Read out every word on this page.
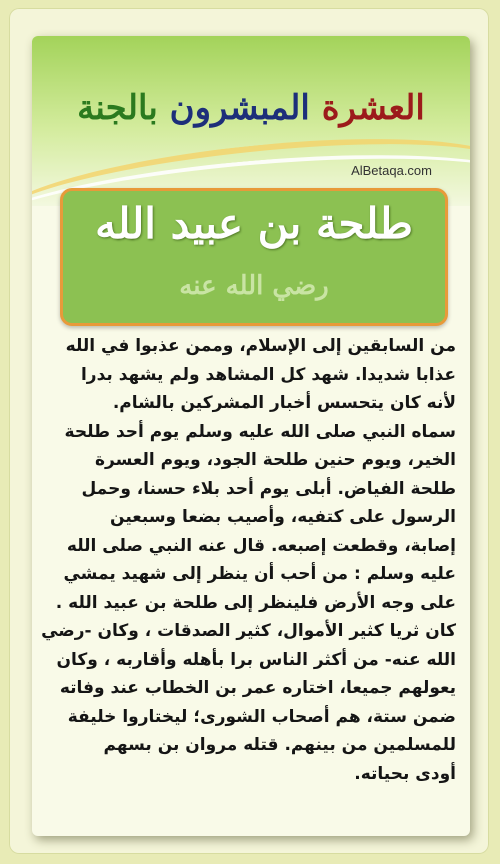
العشرة المبشرون بالجنة
AlBetaqa.com
طلحة بن عبيد الله
رضي الله عنه
من السابقين إلى الإسلام، وممن عذبوا في الله
عذابا شديدا. شهد كل المشاهد ولم يشهد بدرا
لأنه كان يتحسس أخبار المشركين بالشام.
سماه النبي صلى الله عليه وسلم يوم أحد طلحة
الخير، ويوم حنين طلحة الجود، ويوم العسرة
طلحة الفياض. أبلى يوم أحد بلاء حسنا، وحمل
الرسول على كتفيه، وأصيب بضعا وسبعين
إصابة، وقطعت إصبعه. قال عنه النبي صلى الله
عليه وسلم : من أحب أن ينظر إلى شهيد يمشي
على وجه الأرض فلينظر إلى طلحة بن عبيد الله .
كان ثريا كثير الأموال، كثير الصدقات ، وكان -رضي
الله عنه- من أكثر الناس برا بأهله وأقاربه ، وكان
يعولهم جميعا، اختاره عمر بن الخطاب عند وفاته
ضمن ستة، هم أصحاب الشورى؛ ليختاروا خليفة
للمسلمين من بينهم. قتله مروان بن بسهم
أودى بحياته.
